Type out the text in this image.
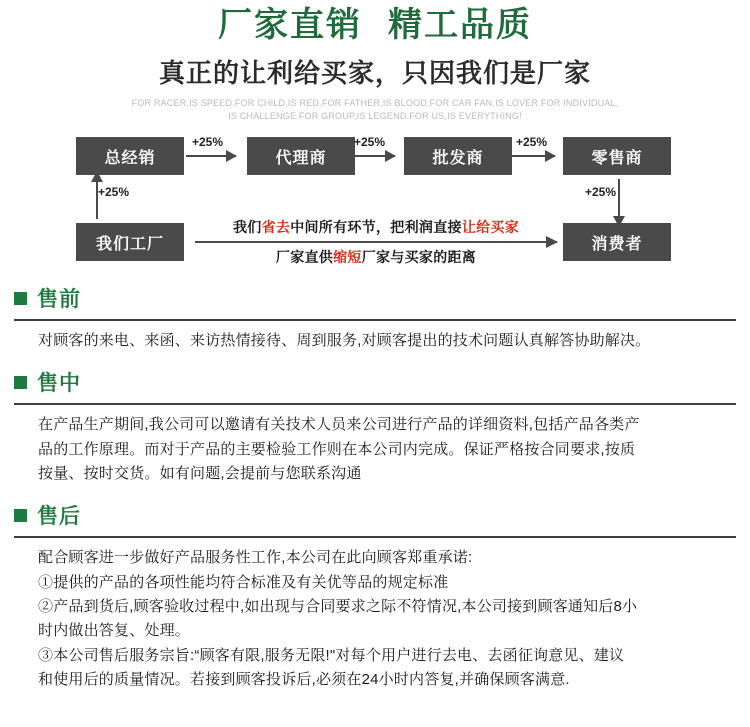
厂家直销 精工品质
真正的让利给买家，只因我们是厂家
FOR RACER,IS SPEED.FOR CHILD,IS RED.FOR FATHER,IS BLOOD.FOR CAR FAN,IS LOVER.FOR INDIVIDUAL,
IS CHALLENGE.FOR GROUP,IS LEGEND.FOR US,IS EVERYTHING!
总经销	代理商	批发商	零售商
我们工厂	消费者
+25%	+25%	+25%
+25%	+25%
我们省去中间所有环节，把利润直接让给买家
厂家直供缩短厂家与买家的距离
售前

对顾客的来电、来函、来访热情接待、周到服务,对顾客提出的技术问题认真解答协助解决。

售中

在产品生产期间,我公司可以邀请有关技术人员来公司进行产品的详细资料,包括产品各类产

品的工作原理。而对于产品的主要检验工作则在本公司内完成。保证严格按合同要求,按质

按量、按时交货。如有问题,会提前与您联系沟通

售后

配合顾客进一步做好产品服务性工作,本公司在此向顾客郑重承诺:

①提供的产品的各项性能均符合标准及有关优等品的规定标准

②产品到货后,顾客验收过程中,如出现与合同要求之际不符情况,本公司接到顾客通知后8小

时内做出答复、处理。

③本公司售后服务宗旨:“顾客有限,服务无限!"对每个用户进行去电、去函征询意见、建议

和使用后的质量情况。若接到顾客投诉后,必须在24小时内答复,并确保顾客满意.
